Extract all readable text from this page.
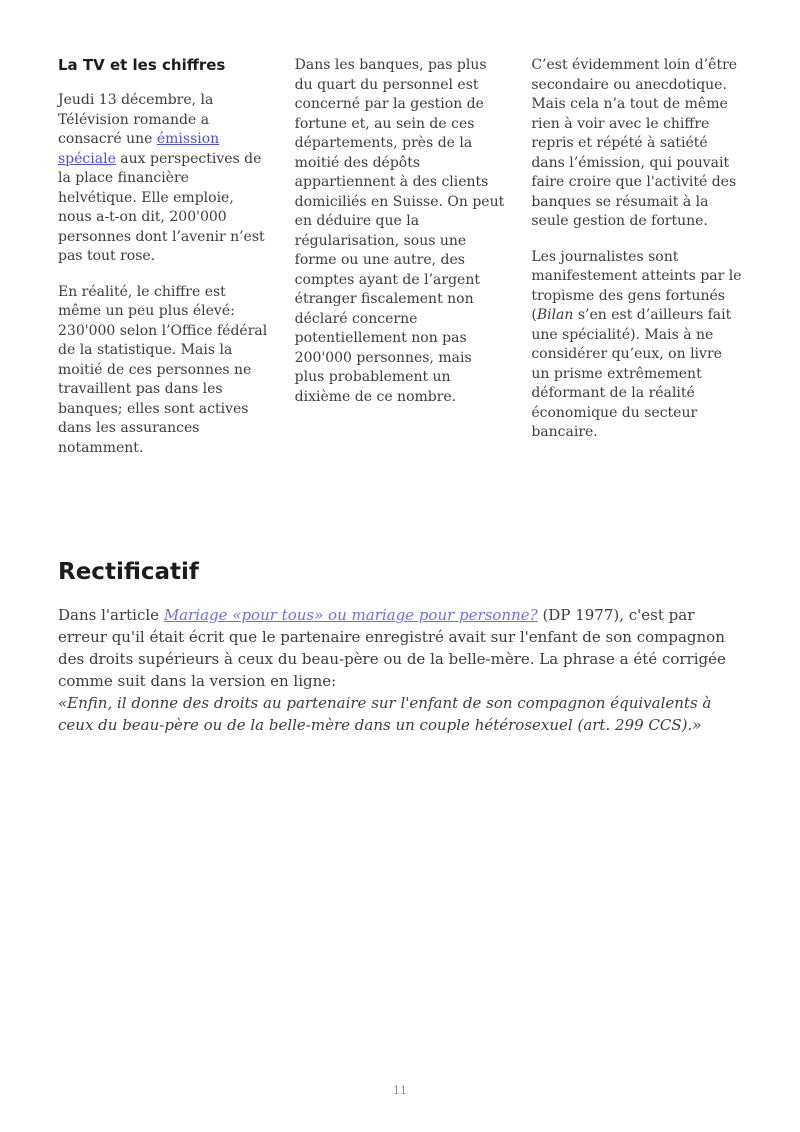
La TV et les chiffres

Jeudi 13 décembre, la Télévision romande a consacré une émission spéciale aux perspectives de la place financière helvétique. Elle emploie, nous a-t-on dit, 200'000 personnes dont l’avenir n’est pas tout rose.

En réalité, le chiffre est même un peu plus élevé: 230'000 selon l’Office fédéral de la statistique. Mais la moitié de ces personnes ne travaillent pas dans les banques; elles sont actives dans les assurances notamment.

Dans les banques, pas plus du quart du personnel est concerné par la gestion de fortune et, au sein de ces départements, près de la moitié des dépôts appartiennent à des clients domiciliés en Suisse. On peut en déduire que la régularisation, sous une forme ou une autre, des comptes ayant de l’argent étranger fiscalement non déclaré concerne potentiellement non pas 200'000 personnes, mais plus probablement un dixième de ce nombre.

C’est évidemment loin d’être secondaire ou anecdotique. Mais cela n’a tout de même rien à voir avec le chiffre repris et répété à satiété dans l’émission, qui pouvait faire croire que l'activité des banques se résumait à la seule gestion de fortune.

Les journalistes sont manifestement atteints par le tropisme des gens fortunés (Bilan s’en est d’ailleurs fait une spécialité). Mais à ne considérer qu’eux, on livre un prisme extrêmement déformant de la réalité économique du secteur bancaire.

Rectificatif

Dans l'article Mariage «pour tous» ou mariage pour personne? (DP 1977), c'est par erreur qu'il était écrit que le partenaire enregistré avait sur l'enfant de son compagnon des droits supérieurs à ceux du beau-père ou de la belle-mère. La phrase a été corrigée comme suit dans la version en ligne:

«Enfin, il donne des droits au partenaire sur l'enfant de son compagnon équivalents à ceux du beau-père ou de la belle-mère dans un couple hétérosexuel (art. 299 CCS).»

11
